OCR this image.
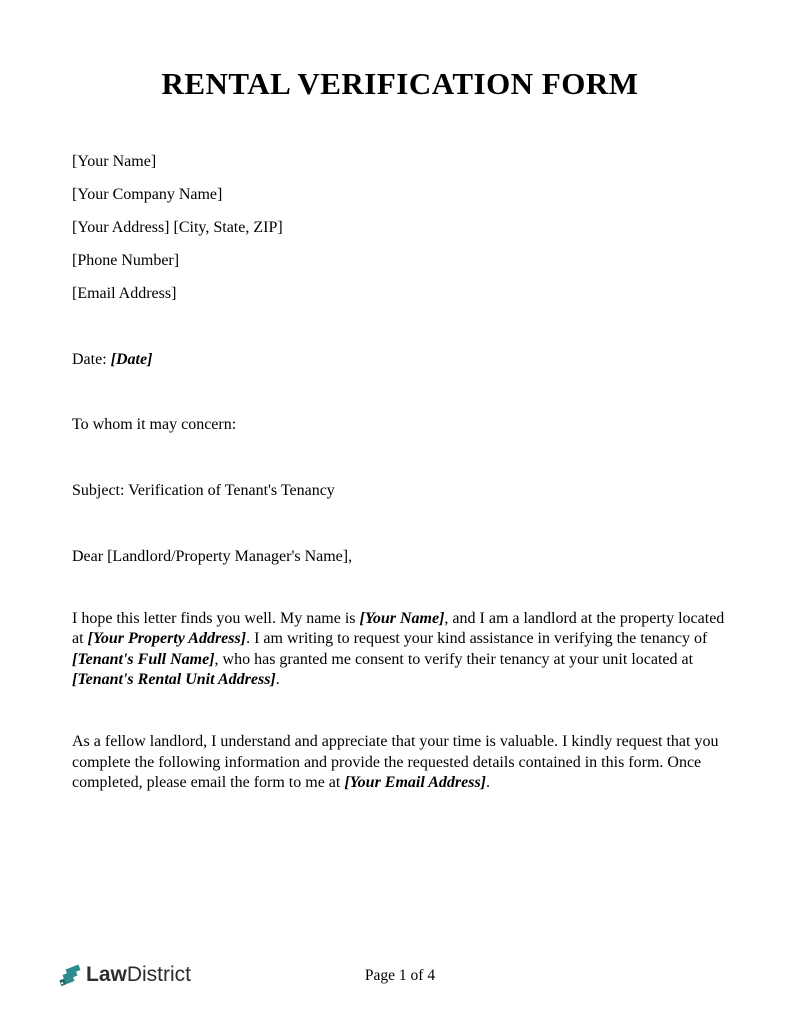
RENTAL VERIFICATION FORM

[Your Name]

[Your Company Name]

[Your Address] [City, State, ZIP]

[Phone Number]

[Email Address]

Date: [Date]

To whom it may concern:

Subject: Verification of Tenant's Tenancy

Dear [Landlord/Property Manager's Name],

I hope this letter finds you well. My name is [Your Name], and I am a landlord at the property located at [Your Property Address]. I am writing to request your kind assistance in verifying the tenancy of [Tenant's Full Name], who has granted me consent to verify their tenancy at your unit located at [Tenant's Rental Unit Address].

As a fellow landlord, I understand and appreciate that your time is valuable. I kindly request that you complete the following information and provide the requested details contained in this form. Once completed, please email the form to me at [Your Email Address].

Law District	Page 1 of 4
